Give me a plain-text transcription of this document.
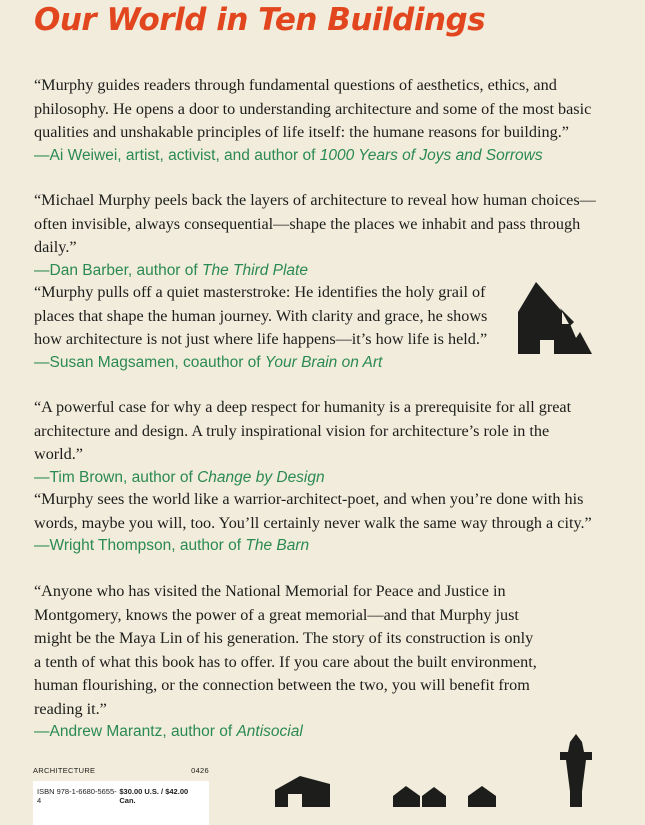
Our World in Ten Buildings

“Murphy guides readers through fundamental questions of aesthetics, ethics, and philosophy. He opens a door to understanding architecture and some of the most basic qualities and unshakable principles of life itself: the humane reasons for building.”

—Ai Weiwei, artist, activist, and author of 1000 Years of Joys and Sorrows

“Michael Murphy peels back the layers of architecture to reveal how human choices—often invisible, always consequential—shape the places we inhabit and pass through daily.”

—Dan Barber, author of The Third Plate

“Murphy pulls off a quiet masterstroke: He identifies the holy grail of places that shape the human journey. With clarity and grace, he shows how architecture is not just where life happens—it’s how life is held.”

—Susan Magsamen, coauthor of Your Brain on Art

“A powerful case for why a deep respect for humanity is a prerequisite for all great architecture and design. A truly inspirational vision for architecture’s role in the world.”

—Tim Brown, author of Change by Design

“Murphy sees the world like a warrior-architect-poet, and when you’re done with his words, maybe you will, too. You’ll certainly never walk the same way through a city.”

—Wright Thompson, author of The Barn

“Anyone who has visited the National Memorial for Peace and Justice in Montgomery, knows the power of a great memorial—and that Murphy just might be the Maya Lin of his generation. The story of its construction is only a tenth of what this book has to offer. If you care about the built environment, human flourishing, or the connection between the two, you will benefit from reading it.”

—Andrew Marantz, author of Antisocial
ARCHITECTURE	0426
ISBN 978-1-6680-5655-4
$30.00 U.S. / $42.00 Can.
